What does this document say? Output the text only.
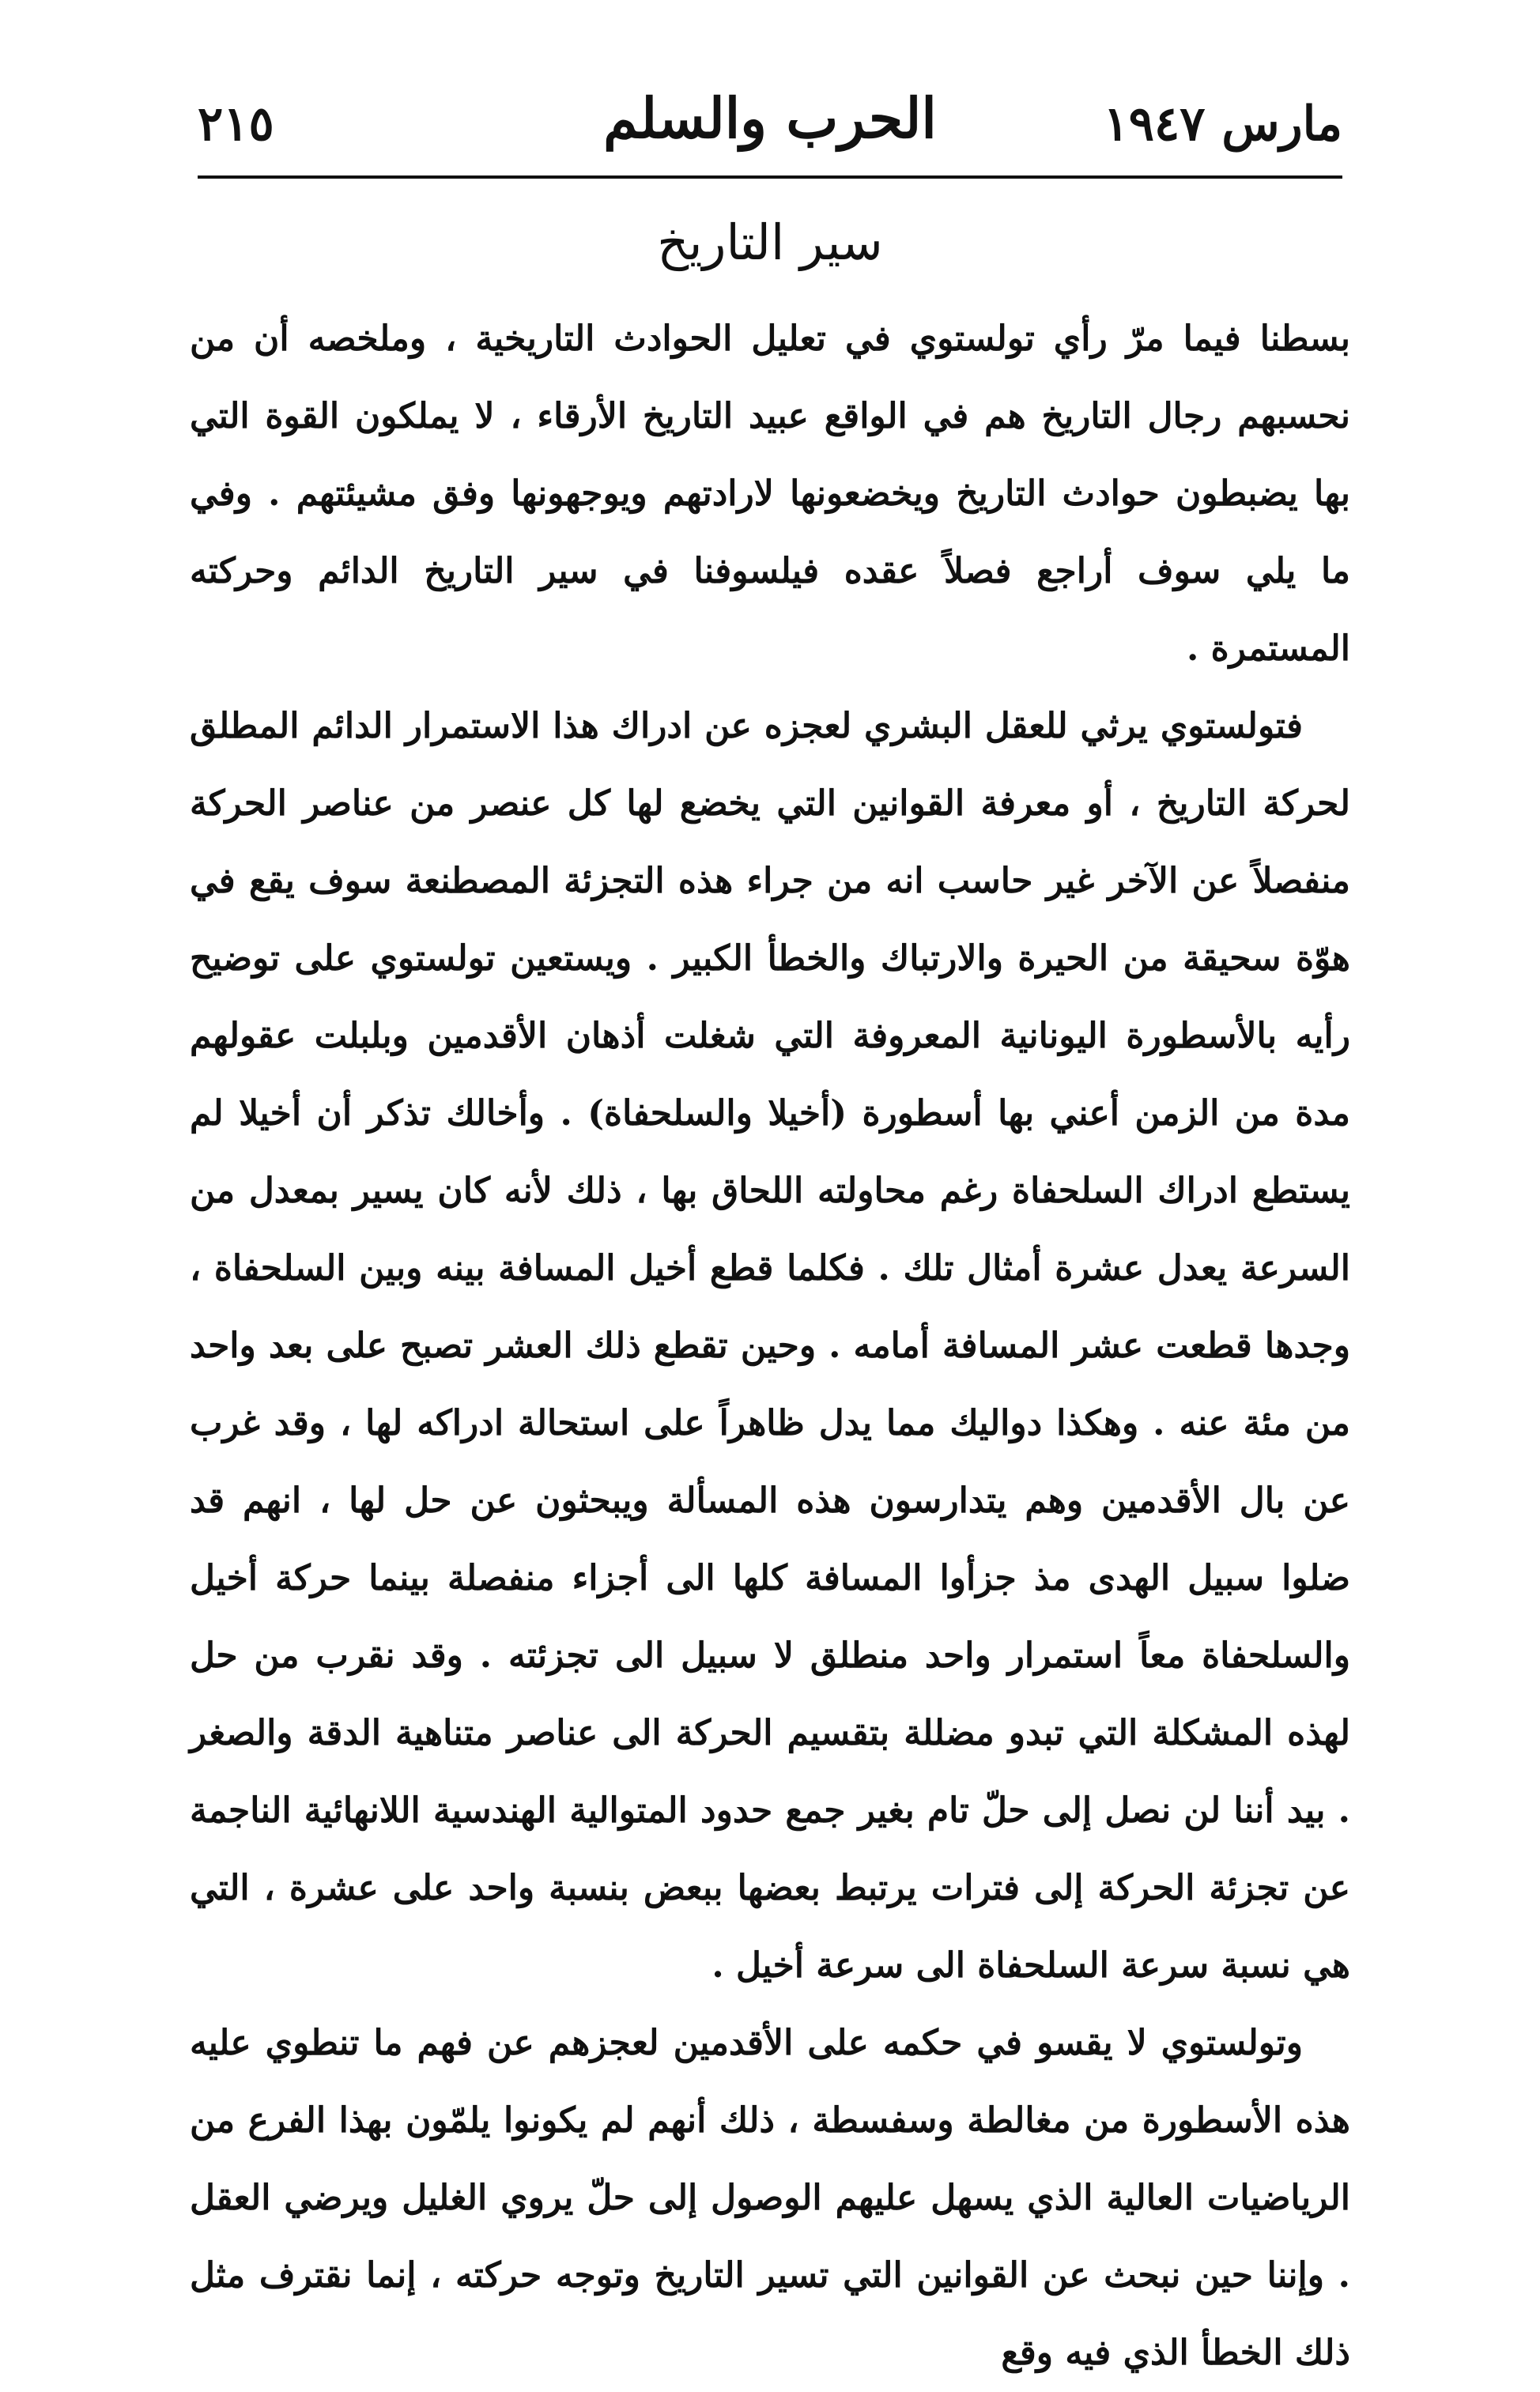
مارس ١٩٤٧
الحرب والسلم
٢١٥
سير التاريخ

بسطنا فيما مرّ رأي تولستوي في تعليل الحوادث التاريخية ، وملخصه أن من نحسبهم رجال التاريخ هم في الواقع عبيد التاريخ الأرقاء ، لا يملكون القوة التي بها يضبطون حوادث التاريخ ويخضعونها لارادتهم ويوجهونها وفق مشيئتهم . وفي ما يلي سوف أراجع فصلاً عقده فيلسوفنا في سير التاريخ الدائم وحركته المستمرة .

فتولستوي يرثي للعقل البشري لعجزه عن ادراك هذا الاستمرار الدائم المطلق لحركة التاريخ ، أو معرفة القوانين التي يخضع لها كل عنصر من عناصر الحركة منفصلاً عن الآخر غير حاسب انه من جراء هذه التجزئة المصطنعة سوف يقع في هوّة سحيقة من الحيرة والارتباك والخطأ الكبير . ويستعين تولستوي على توضيح رأيه بالأسطورة اليونانية المعروفة التي شغلت أذهان الأقدمين وبلبلت عقولهم مدة من الزمن أعني بها أسطورة (أخيلا والسلحفاة) . وأخالك تذكر أن أخيلا لم يستطع ادراك السلحفاة رغم محاولته اللحاق بها ، ذلك لأنه كان يسير بمعدل من السرعة يعدل عشرة أمثال تلك . فكلما قطع أخيل المسافة بينه وبين السلحفاة ، وجدها قطعت عشر المسافة أمامه . وحين تقطع ذلك العشر تصبح على بعد واحد من مئة عنه . وهكذا دواليك مما يدل ظاهراً على استحالة ادراكه لها ، وقد غرب عن بال الأقدمين وهم يتدارسون هذه المسألة ويبحثون عن حل لها ، انهم قد ضلوا سبيل الهدى مذ جزأوا المسافة كلها الى أجزاء منفصلة بينما حركة أخيل والسلحفاة معاً استمرار واحد منطلق لا سبيل الى تجزئته . وقد نقرب من حل لهذه المشكلة التي تبدو مضللة بتقسيم الحركة الى عناصر متناهية الدقة والصغر . بيد أننا لن نصل إلى حلّ تام بغير جمع حدود المتوالية الهندسية اللانهائية الناجمة عن تجزئة الحركة إلى فترات يرتبط بعضها ببعض بنسبة واحد على عشرة ، التي هي نسبة سرعة السلحفاة الى سرعة أخيل .

وتولستوي لا يقسو في حكمه على الأقدمين لعجزهم عن فهم ما تنطوي عليه هذه الأسطورة من مغالطة وسفسطة ، ذلك أنهم لم يكونوا يلمّون بهذا الفرع من الرياضيات العالية الذي يسهل عليهم الوصول إلى حلّ يروي الغليل ويرضي العقل . وإننا حين نبحث عن القوانين التي تسير التاريخ وتوجه حركته ، إنما نقترف مثل ذلك الخطأ الذي فيه وقع
